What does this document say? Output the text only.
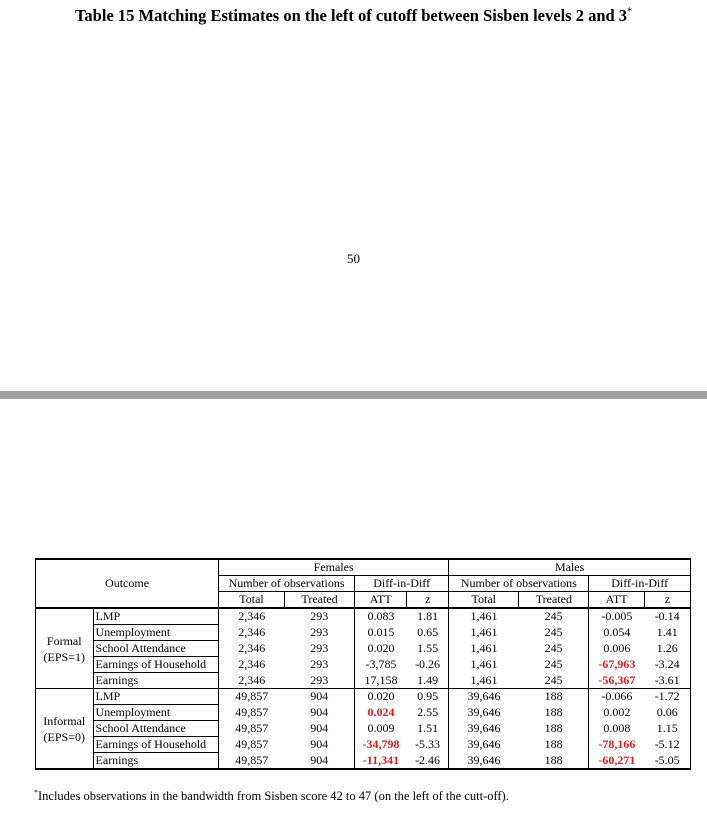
Table 15 Matching Estimates on the left of cutoff between Sisben levels 2 and 3*
50
Outcome		Females				Males			
		Number of observations		Diff-in-Diff		Number of observations		Diff-in-Diff	
		Total	Treated	ATT	z	Total	Treated	ATT	z
Formal (EPS=1)	LMP	2,346	293	0.083	1.81	1,461	245	-0.005	-0.14
	Unemployment	2,346	293	0.015	0.65	1,461	245	0.054	1.41
	School Attendance	2,346	293	0.020	1.55	1,461	245	0.006	1.26
	Earnings of Household	2,346	293	-3,785	-0.26	1,461	245	-67,963	-3.24
	Earnings	2,346	293	17,158	1.49	1,461	245	-56,367	-3.61
Informal (EPS=0)	LMP	49,857	904	0.020	0.95	39,646	188	-0.066	-1.72
	Unemployment	49,857	904	0.024	2.55	39,646	188	0.002	0.06
	School Attendance	49,857	904	0.009	1.51	39,646	188	0.008	1.15
	Earnings of Household	49,857	904	-34,798	-5.33	39,646	188	-78,166	-5.12
	Earnings	49,857	904	-11,341	-2.46	39,646	188	-60,271	-5.05
*Includes observations in the bandwidth from Sisben score 42 to 47 (on the left of the cutt-off).
